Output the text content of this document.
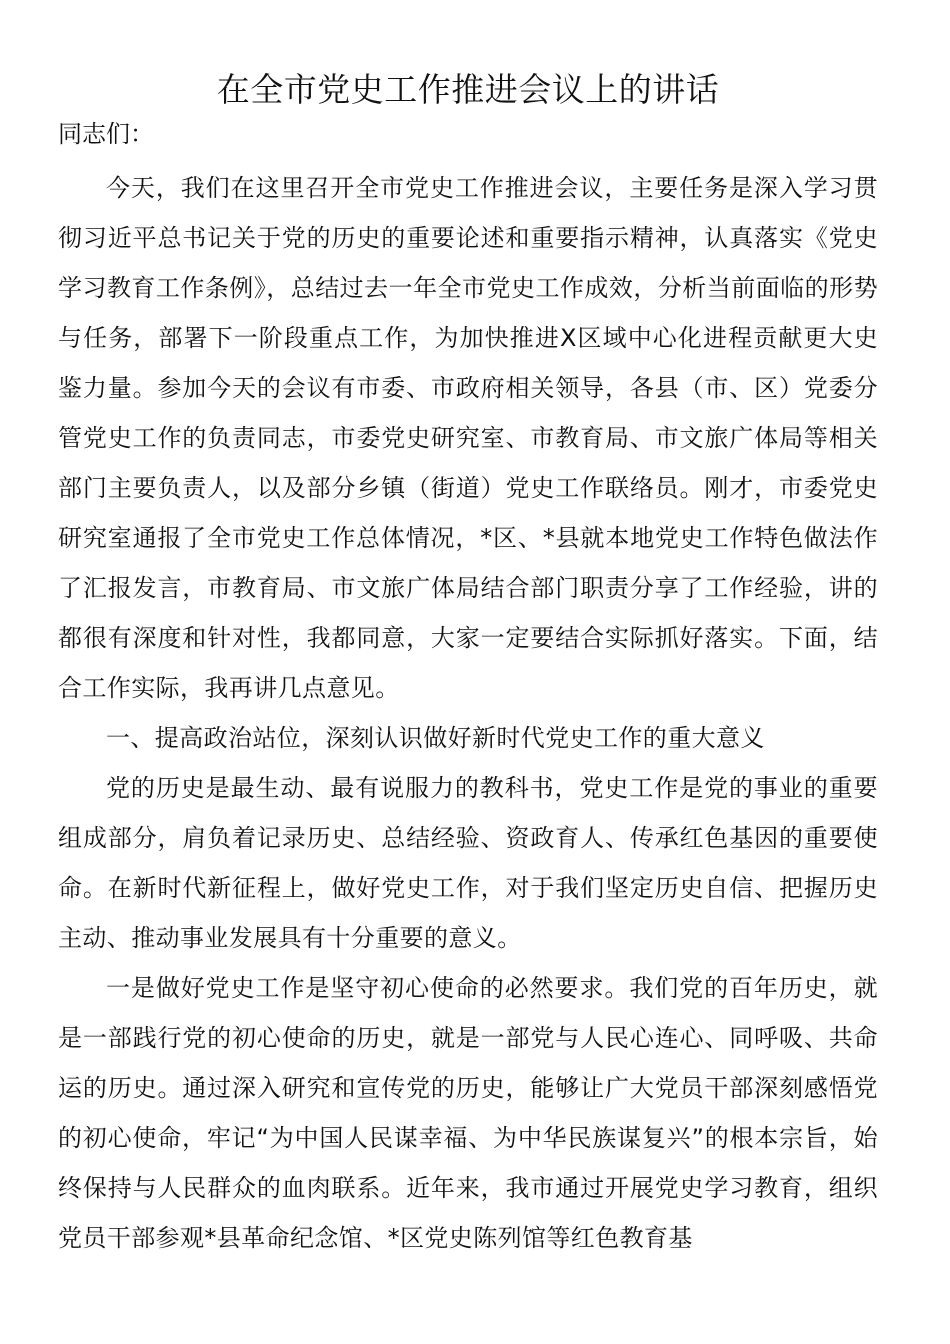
在全市党史工作推进会议上的讲话

同志们：

今天，我们在这里召开全市党史工作推进会议，主要任务是深入学习贯彻习近平总书记关于党的历史的重要论述和重要指示精神，认真落实《党史学习教育工作条例》，总结过去一年全市党史工作成效，分析当前面临的形势与任务，部署下一阶段重点工作，为加快推进X区域中心化进程贡献更大史鉴力量。参加今天的会议有市委、市政府相关领导，各县（市、区）党委分管党史工作的负责同志，市委党史研究室、市教育局、市文旅广体局等相关部门主要负责人，以及部分乡镇（街道）党史工作联络员。刚才，市委党史研究室通报了全市党史工作总体情况，*区、*县就本地党史工作特色做法作了汇报发言，市教育局、市文旅广体局结合部门职责分享了工作经验，讲的都很有深度和针对性，我都同意，大家一定要结合实际抓好落实。下面，结合工作实际，我再讲几点意见。

一、提高政治站位，深刻认识做好新时代党史工作的重大意义

党的历史是最生动、最有说服力的教科书，党史工作是党的事业的重要组成部分，肩负着记录历史、总结经验、资政育人、传承红色基因的重要使命。在新时代新征程上，做好党史工作，对于我们坚定历史自信、把握历史主动、推动事业发展具有十分重要的意义。

一是做好党史工作是坚守初心使命的必然要求。我们党的百年历史，就是一部践行党的初心使命的历史，就是一部党与人民心连心、同呼吸、共命运的历史。通过深入研究和宣传党的历史，能够让广大党员干部深刻感悟党的初心使命，牢记“为中国人民谋幸福、为中华民族谋复兴”的根本宗旨，始终保持与人民群众的血肉联系。近年来，我市通过开展党史学习教育，组织党员干部参观*县革命纪念馆、*区党史陈列馆等红色教育基
